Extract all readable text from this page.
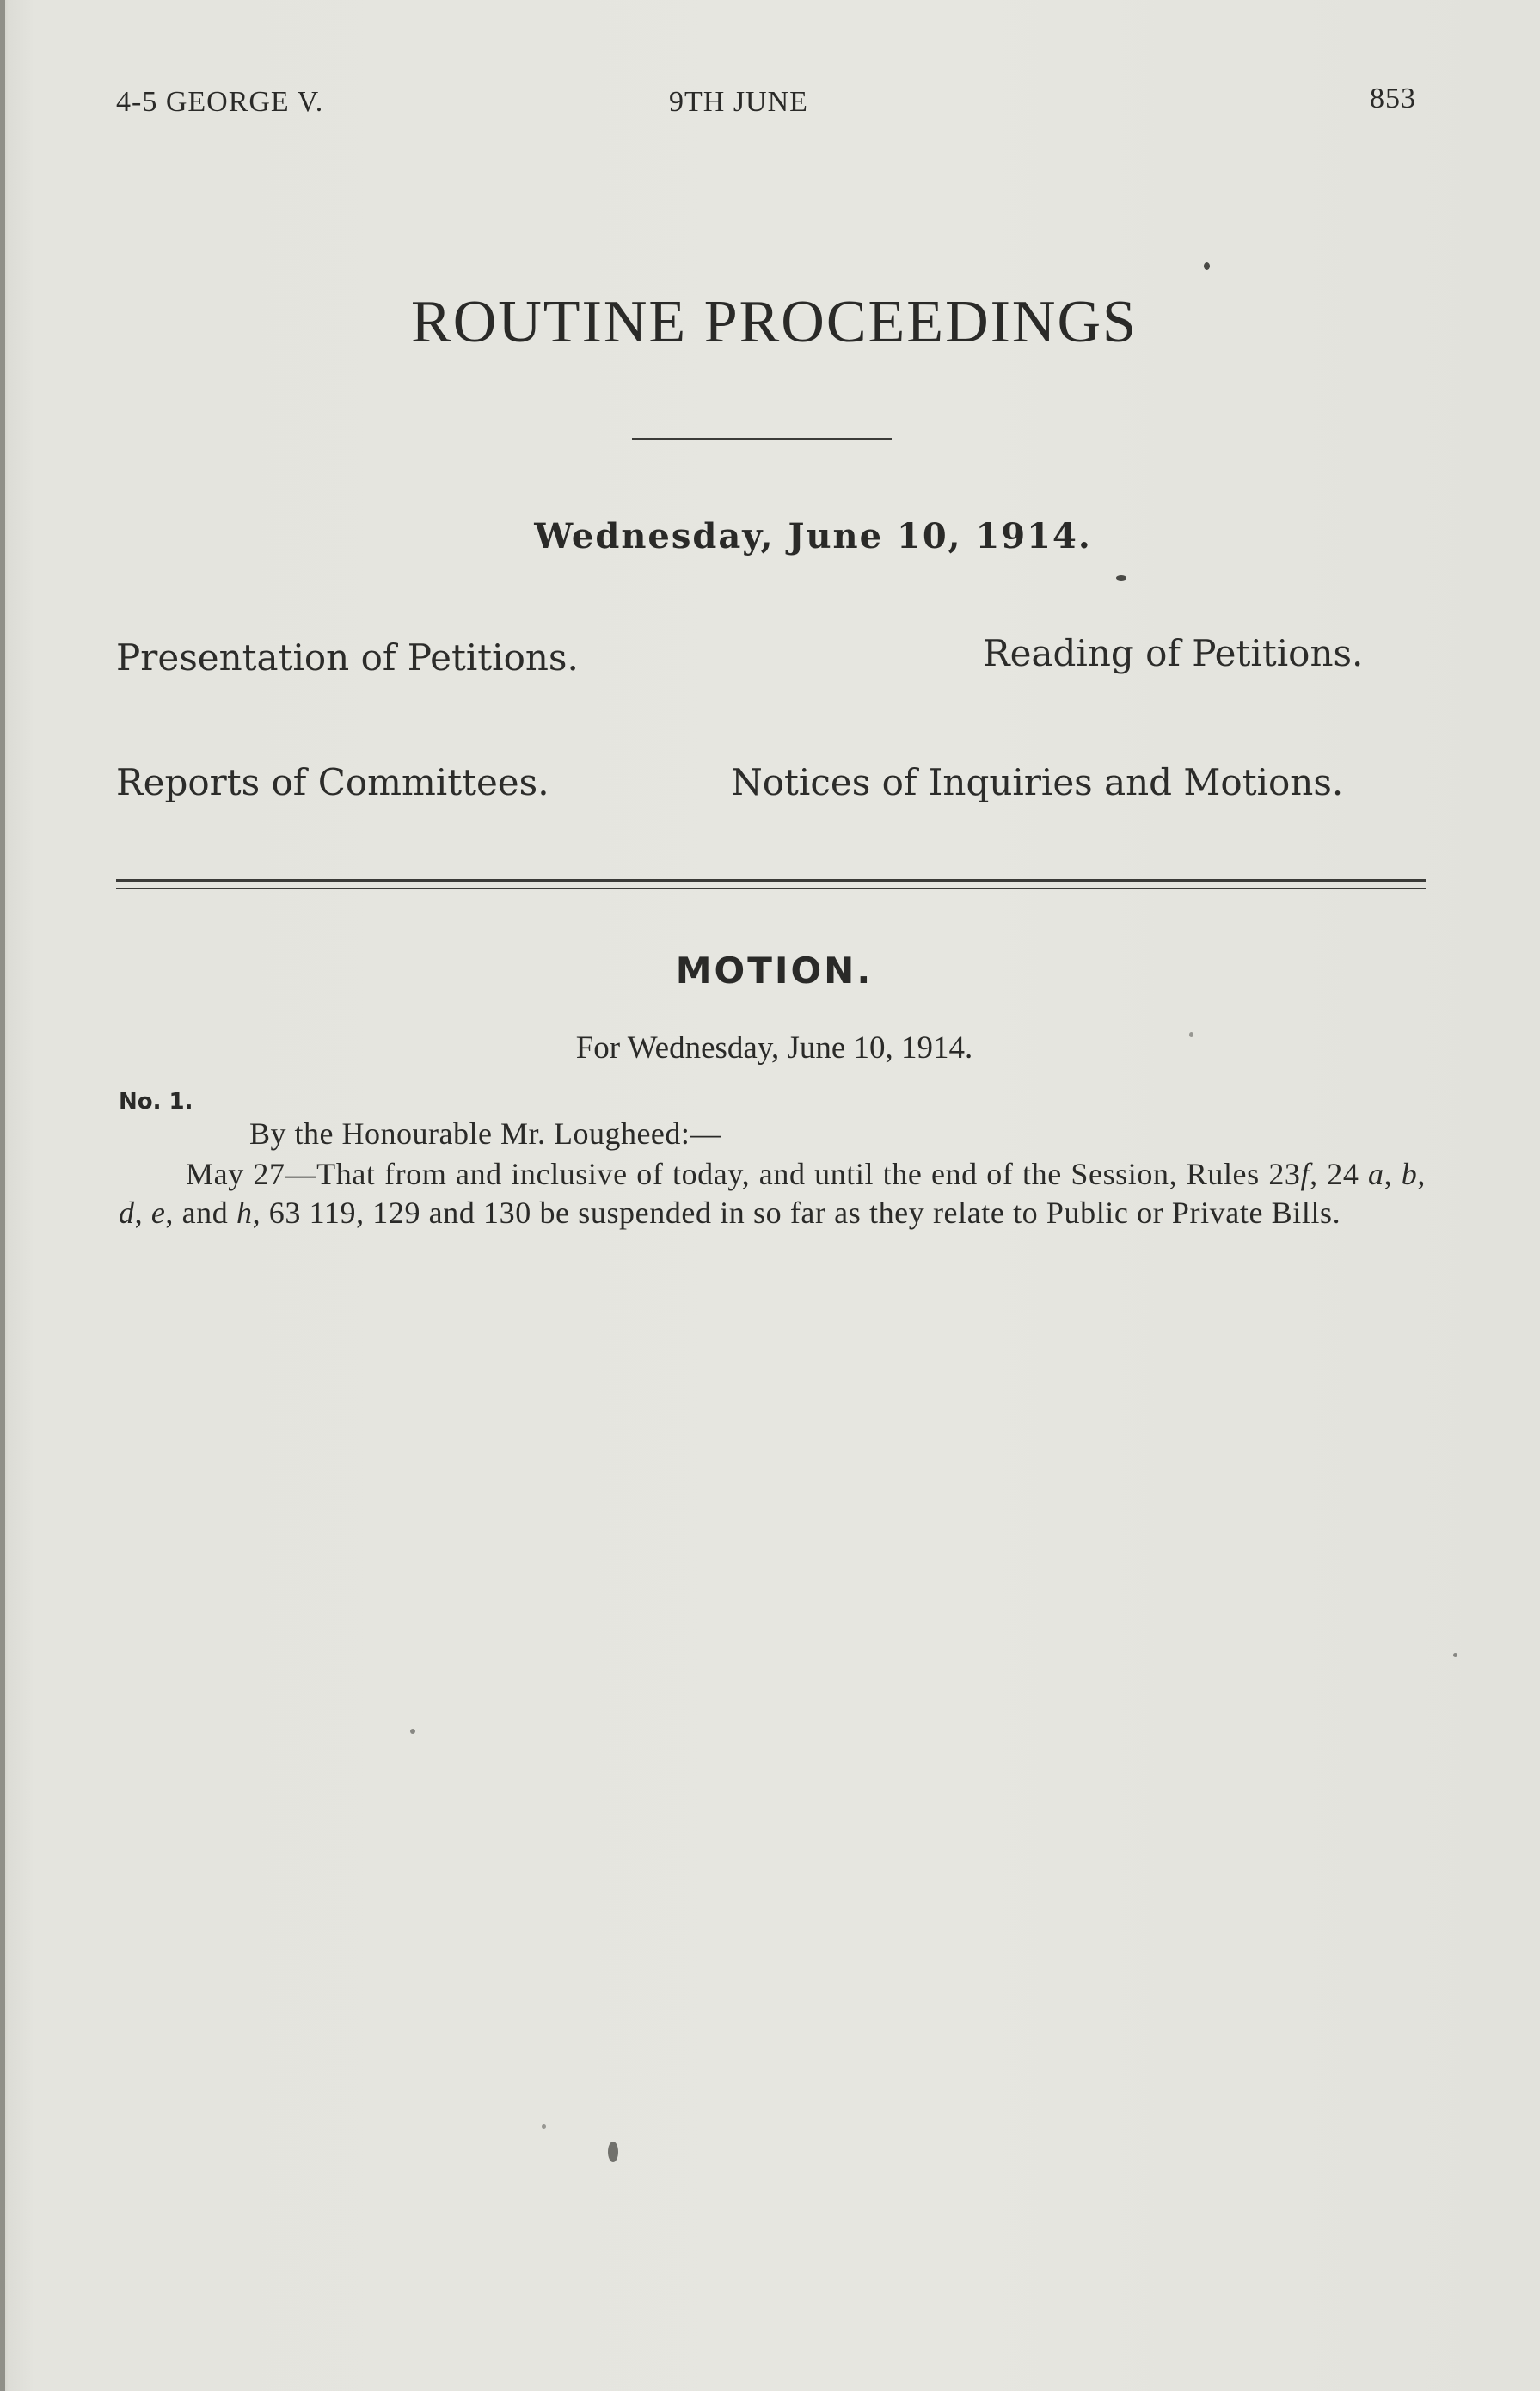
4-5 GEORGE V.	9TH JUNE	853
ROUTINE PROCEEDINGS
Wednesday, June 10, 1914.
Presentation of Petitions.	Reading of Petitions.
Reports of Committees.	Notices of Inquiries and Motions.
MOTION.
For Wednesday, June 10, 1914.
No. 1.
By the Honourable Mr. Lougheed:—
May 27—That from and inclusive of today, and until the end of the Session, Rules 23f, 24 a, b, d, e, and h, 63 119, 129 and 130 be suspended in so far as they relate to Public or Private Bills.
